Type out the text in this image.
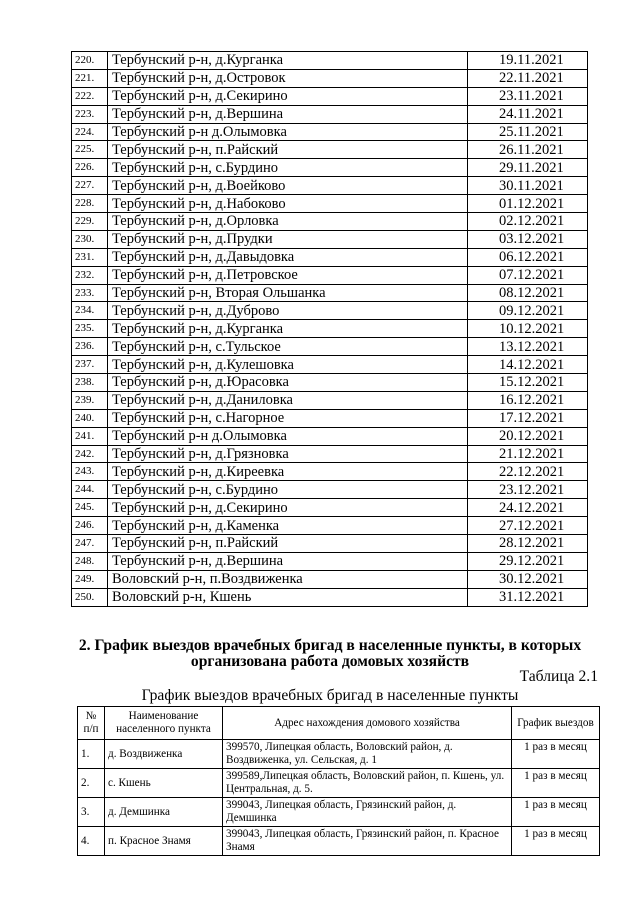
220.	Тербунский р-н, д.Курганка	19.11.2021
221.	Тербунский р-н, д.Островок	22.11.2021
222.	Тербунский р-н, д.Секирино	23.11.2021
223.	Тербунский р-н, д.Вершина	24.11.2021
224.	Тербунский р-н д.Олымовка	25.11.2021
225.	Тербунский р-н, п.Райский	26.11.2021
226.	Тербунский р-н, с.Бурдино	29.11.2021
227.	Тербунский р-н, д.Воейково	30.11.2021
228.	Тербунский р-н, д.Набоково	01.12.2021
229.	Тербунский р-н, д.Орловка	02.12.2021
230.	Тербунский р-н, д.Прудки	03.12.2021
231.	Тербунский р-н, д.Давыдовка	06.12.2021
232.	Тербунский р-н, д.Петровское	07.12.2021
233.	Тербунский р-н, Вторая Ольшанка	08.12.2021
234.	Тербунский р-н, д.Дуброво	09.12.2021
235.	Тербунский р-н, д.Курганка	10.12.2021
236.	Тербунский р-н, с.Тульское	13.12.2021
237.	Тербунский р-н, д.Кулешовка	14.12.2021
238.	Тербунский р-н, д.Юрасовка	15.12.2021
239.	Тербунский р-н, д.Даниловка	16.12.2021
240.	Тербунский р-н, с.Нагорное	17.12.2021
241.	Тербунский р-н д.Олымовка	20.12.2021
242.	Тербунский р-н, д.Грязновка	21.12.2021
243.	Тербунский р-н, д.Киреевка	22.12.2021
244.	Тербунский р-н, с.Бурдино	23.12.2021
245.	Тербунский р-н, д.Секирино	24.12.2021
246.	Тербунский р-н, д.Каменка	27.12.2021
247.	Тербунский р-н, п.Райский	28.12.2021
248.	Тербунский р-н, д.Вершина	29.12.2021
249.	Воловский р-н, п.Воздвиженка	30.12.2021
250.	Воловский р-н, Кшень	31.12.2021

2. График выездов врачебных бригад в населенные пункты, в которых

организована работа домовых хозяйств

Таблица 2.1
График выездов врачебных бригад в населенные пункты
№ п/п	Наименование населенного пункта	Адрес нахождения домового хозяйства	График выездов
1.	д. Воздвиженка	399570, Липецкая область, Воловский район, д. Воздвиженка, ул. Сельская, д. 1	1 раз в месяц
2.	с. Кшень	399589,Липецкая область, Воловский район, п. Кшень, ул. Центральная, д. 5.	1 раз в месяц
3.	д. Демшинка	399043, Липецкая область, Грязинский район, д. Демшинка	1 раз в месяц
4.	п. Красное Знамя	399043, Липецкая область, Грязинский район, п. Красное Знамя	1 раз в месяц
